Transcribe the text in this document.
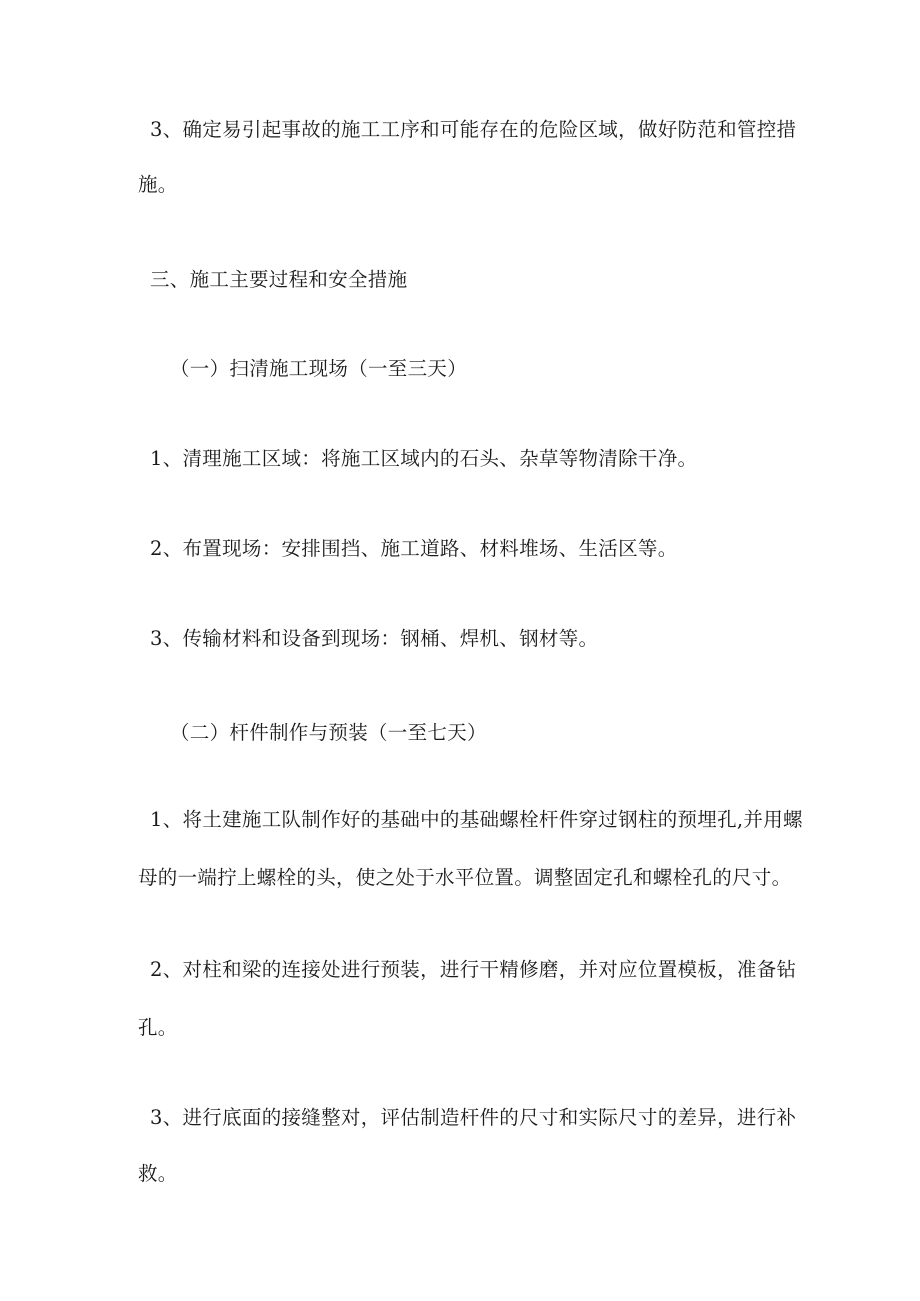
3、确定易引起事故的施工工序和可能存在的危险区域，做好防范和管控措
施。
三、施工主要过程和安全措施
（一）扫清施工现场（一至三天）
1、清理施工区域：将施工区域内的石头、杂草等物清除干净。
2、布置现场：安排围挡、施工道路、材料堆场、生活区等。
3、传输材料和设备到现场：钢桶、焊机、钢材等。
（二）杆件制作与预装（一至七天）
1、将土建施工队制作好的基础中的基础螺栓杆件穿过钢柱的预埋孔,并用螺
母的一端拧上螺栓的头，使之处于水平位置。调整固定孔和螺栓孔的尺寸。
2、对柱和梁的连接处进行预装，进行干精修磨，并对应位置模板，准备钻
孔。
3、进行底面的接缝整对，评估制造杆件的尺寸和实际尺寸的差异，进行补
救。
